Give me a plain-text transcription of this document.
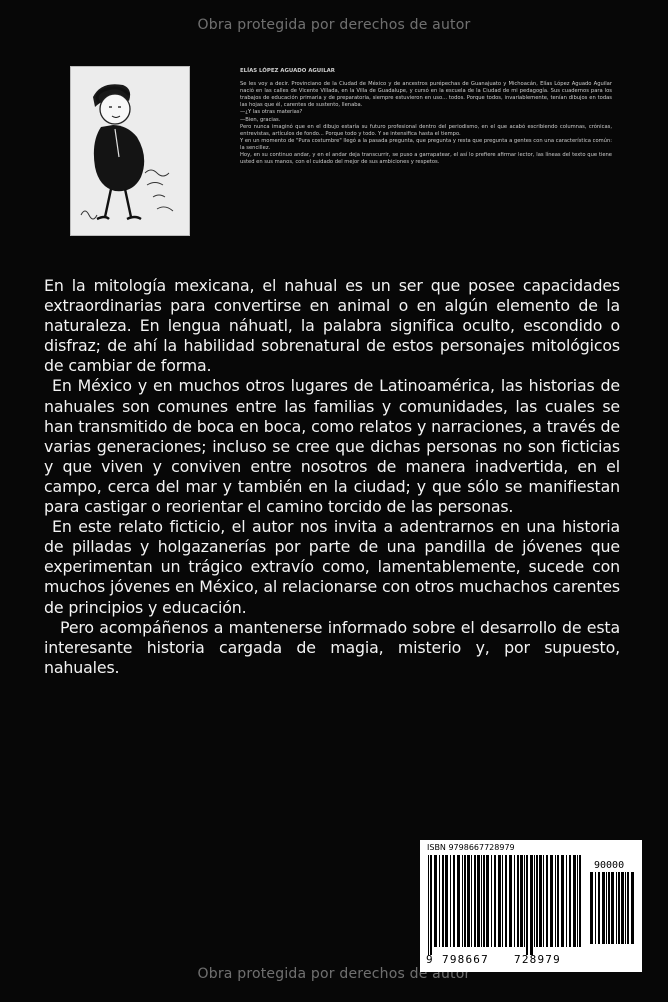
Obra protegida por derechos de autor
ELÍAS LÓPEZ AGUADO AGUILAR

Se les voy a decir. Provinciano de la Ciudad de México y de ancestros purépechas de Guanajuato y Michoacán, Elías López Aguado Aguilar nació en las calles de Vicente Villada, en la Villa de Guadalupe, y cursó en la escuela de la Ciudad de mi pedagogía. Sus cuadernos para los trabajos de educación primaria y de preparatoria, siempre estuvieron en uso... todos. Porque todos, invariablemente, tenían dibujos en todas las hojas que él, carentes de sustento, llenaba.

—¿Y las otras materias?

—Bien, gracias.

Pero nunca imaginó que en el dibujo estaría su futuro profesional dentro del periodismo, en el que acabó escribiendo columnas, crónicas, entrevistas, artículos de fondo... Porque todo y todo. Y se intensifica hasta el tiempo.

Y en un momento de "Pura costumbre" llegó a la pasada pregunta, que pregunta y resta que pregunta a gentes con una característica común: la sencillez.

Hoy, en su continuo andar, y en el andar deja transcurrir, se puso a garrapatear, el así lo prefiere afirmar lector, las líneas del texto que tiene usted en sus manos, con el cuidado del mejor de sus ambiciones y respetos.

En la mitología mexicana, el nahual es un ser que posee capacidades extraordinarias para convertirse en animal o en algún elemento de la naturaleza. En lengua náhuatl, la palabra significa oculto, escondido o disfraz; de ahí la habilidad sobrenatural de estos personajes mitológicos de cambiar de forma.

En México y en muchos otros lugares de Latinoamérica, las historias de nahuales son comunes entre las familias y comunidades, las cuales se han transmitido de boca en boca, como relatos y narraciones, a través de varias generaciones; incluso se cree que dichas personas no son ficticias y que viven y conviven entre nosotros de manera inadvertida, en el campo, cerca del mar y también en la ciudad; y que sólo se manifiestan para castigar o reorientar el camino torcido de las personas.

En este relato ficticio, el autor nos invita a adentrarnos en una historia de pilladas y holgazanerías por parte de una pandilla de jóvenes que experimentan un trágico extravío como, lamentablemente, sucede con muchos jóvenes en México, al relacionarse con otros muchachos carentes de principios y educación.

Pero acompáñenos a mantenerse informado sobre el desarrollo de esta interesante historia cargada de magia, misterio y, por supuesto, nahuales.

ISBN 9798667728979
90000
9 798667 728979
Obra protegida por derechos de autor
